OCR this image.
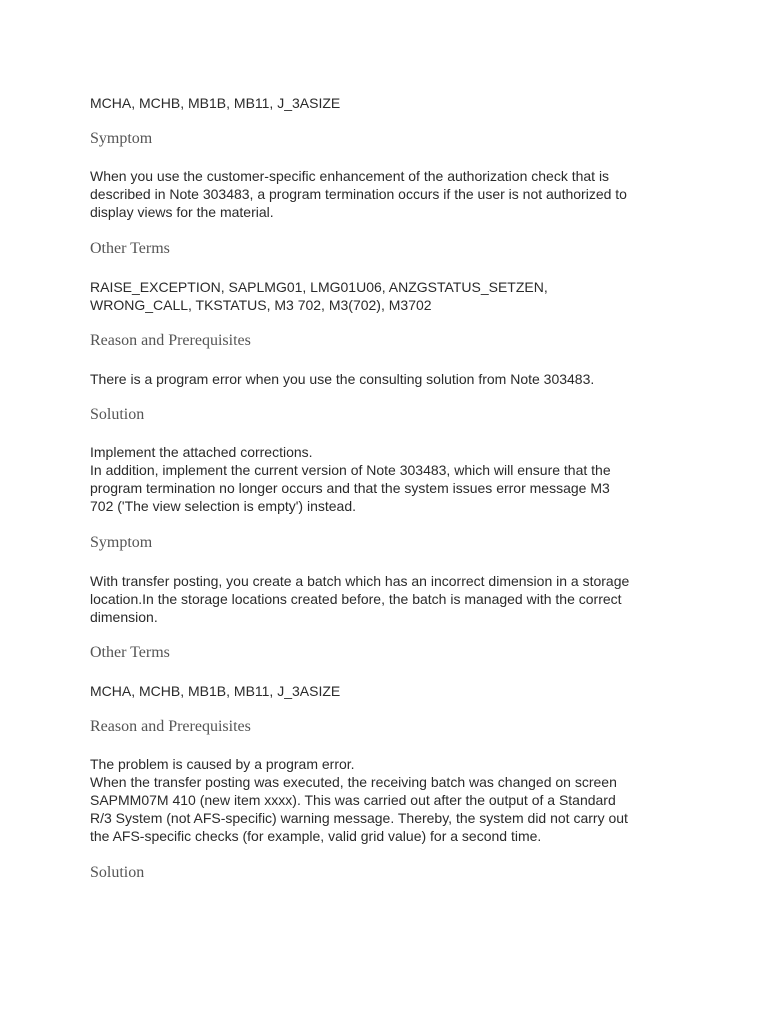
MCHA, MCHB, MB1B, MB11, J_3ASIZE

Symptom

When you use the customer-specific enhancement of the authorization check that is
described in Note 303483, a program termination occurs if the user is not authorized to
display views for the material.

Other Terms

RAISE_EXCEPTION, SAPLMG01, LMG01U06, ANZGSTATUS_SETZEN,
WRONG_CALL, TKSTATUS, M3 702, M3(702), M3702

Reason and Prerequisites

There is a program error when you use the consulting solution from Note 303483.

Solution

Implement the attached corrections.
In addition, implement the current version of Note 303483, which will ensure that the
program termination no longer occurs and that the system issues error message M3
702 ('The view selection is empty') instead.

Symptom

With transfer posting, you create a batch which has an incorrect dimension in a storage
location.In the storage locations created before, the batch is managed with the correct
dimension.

Other Terms

MCHA, MCHB, MB1B, MB11, J_3ASIZE

Reason and Prerequisites

The problem is caused by a program error.
When the transfer posting was executed, the receiving batch was changed on screen
SAPMM07M 410 (new item xxxx). This was carried out after the output of a Standard
R/3 System (not AFS-specific) warning message. Thereby, the system did not carry out
the AFS-specific checks (for example, valid grid value) for a second time.

Solution
